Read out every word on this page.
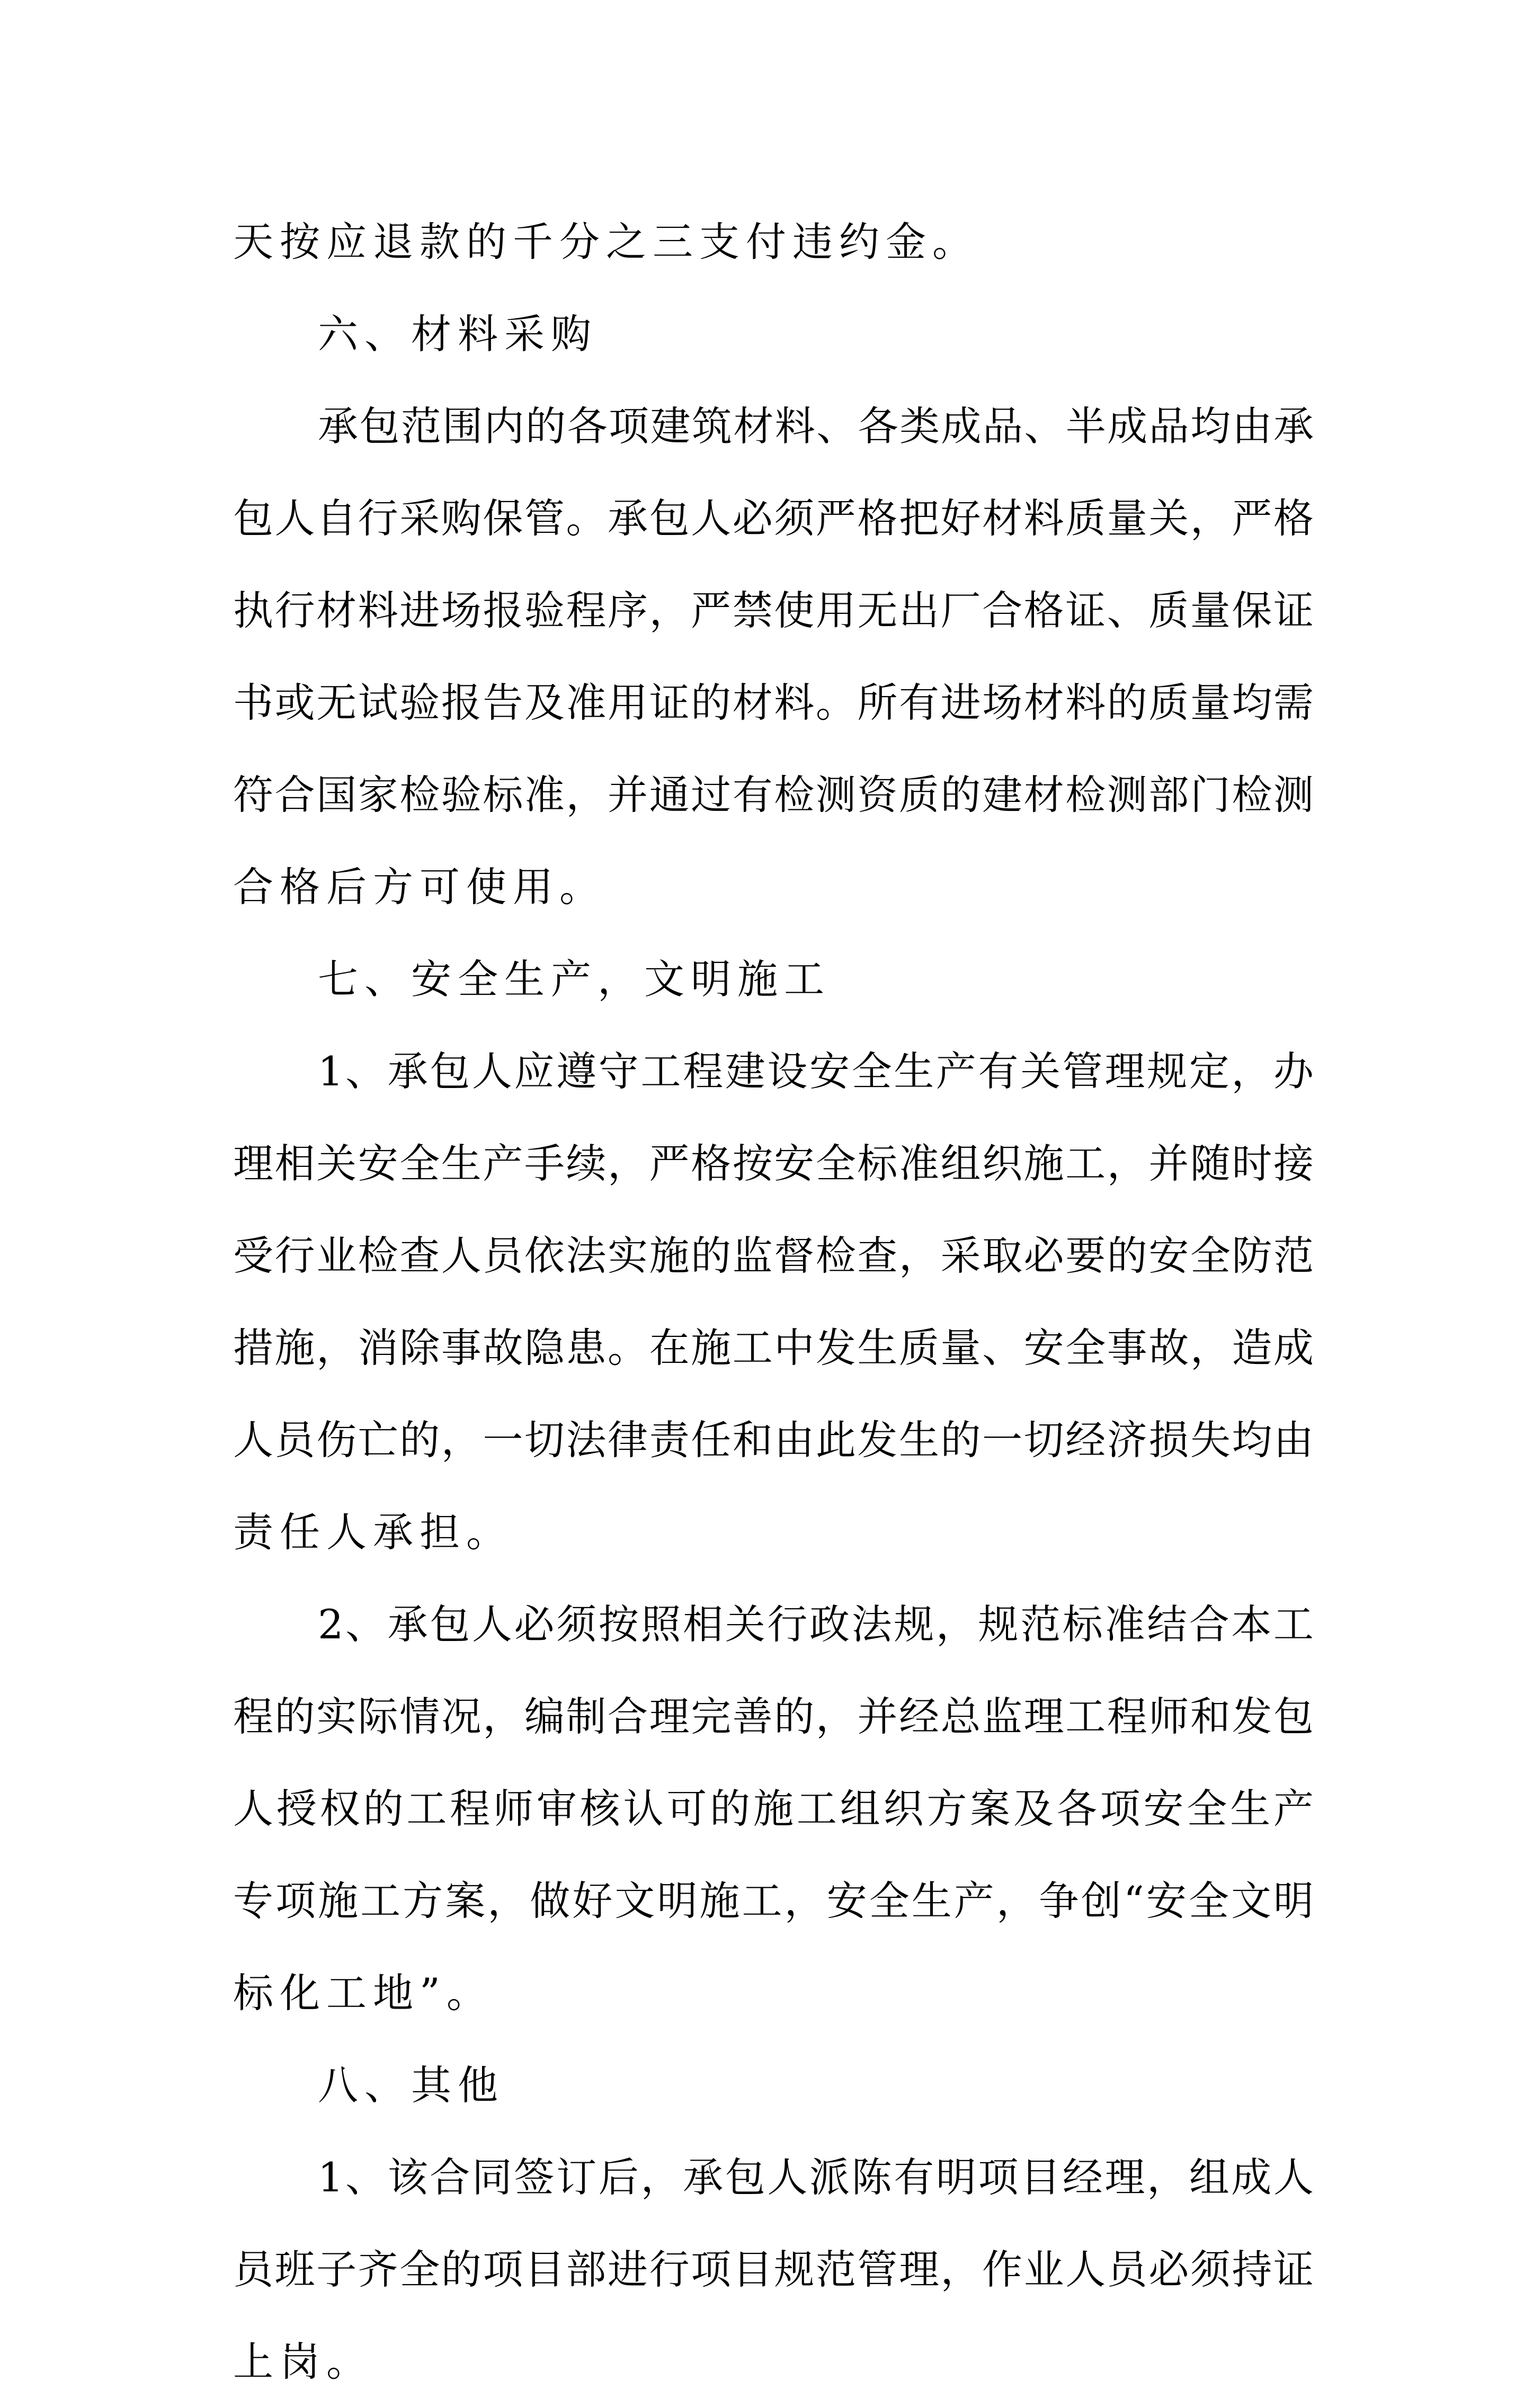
天按应退款的千分之三支付违约金。
六、材料采购
承包范围内的各项建筑材料、各类成品、半成品均由承
包人自行采购保管。承包人必须严格把好材料质量关，严格
执行材料进场报验程序，严禁使用无出厂合格证、质量保证
书或无试验报告及准用证的材料。所有进场材料的质量均需
符合国家检验标准，并通过有检测资质的建材检测部门检测
合格后方可使用。
七、安全生产，文明施工
1、承包人应遵守工程建设安全生产有关管理规定，办
理相关安全生产手续，严格按安全标准组织施工，并随时接
受行业检查人员依法实施的监督检查，采取必要的安全防范
措施，消除事故隐患。在施工中发生质量、安全事故，造成
人员伤亡的，一切法律责任和由此发生的一切经济损失均由
责任人承担。
2、承包人必须按照相关行政法规，规范标准结合本工
程的实际情况，编制合理完善的，并经总监理工程师和发包
人授权的工程师审核认可的施工组织方案及各项安全生产
专项施工方案，做好文明施工，安全生产，争创“安全文明
标化工地”。
八、其他
1、该合同签订后，承包人派陈有明项目经理，组成人
员班子齐全的项目部进行项目规范管理，作业人员必须持证
上岗。
